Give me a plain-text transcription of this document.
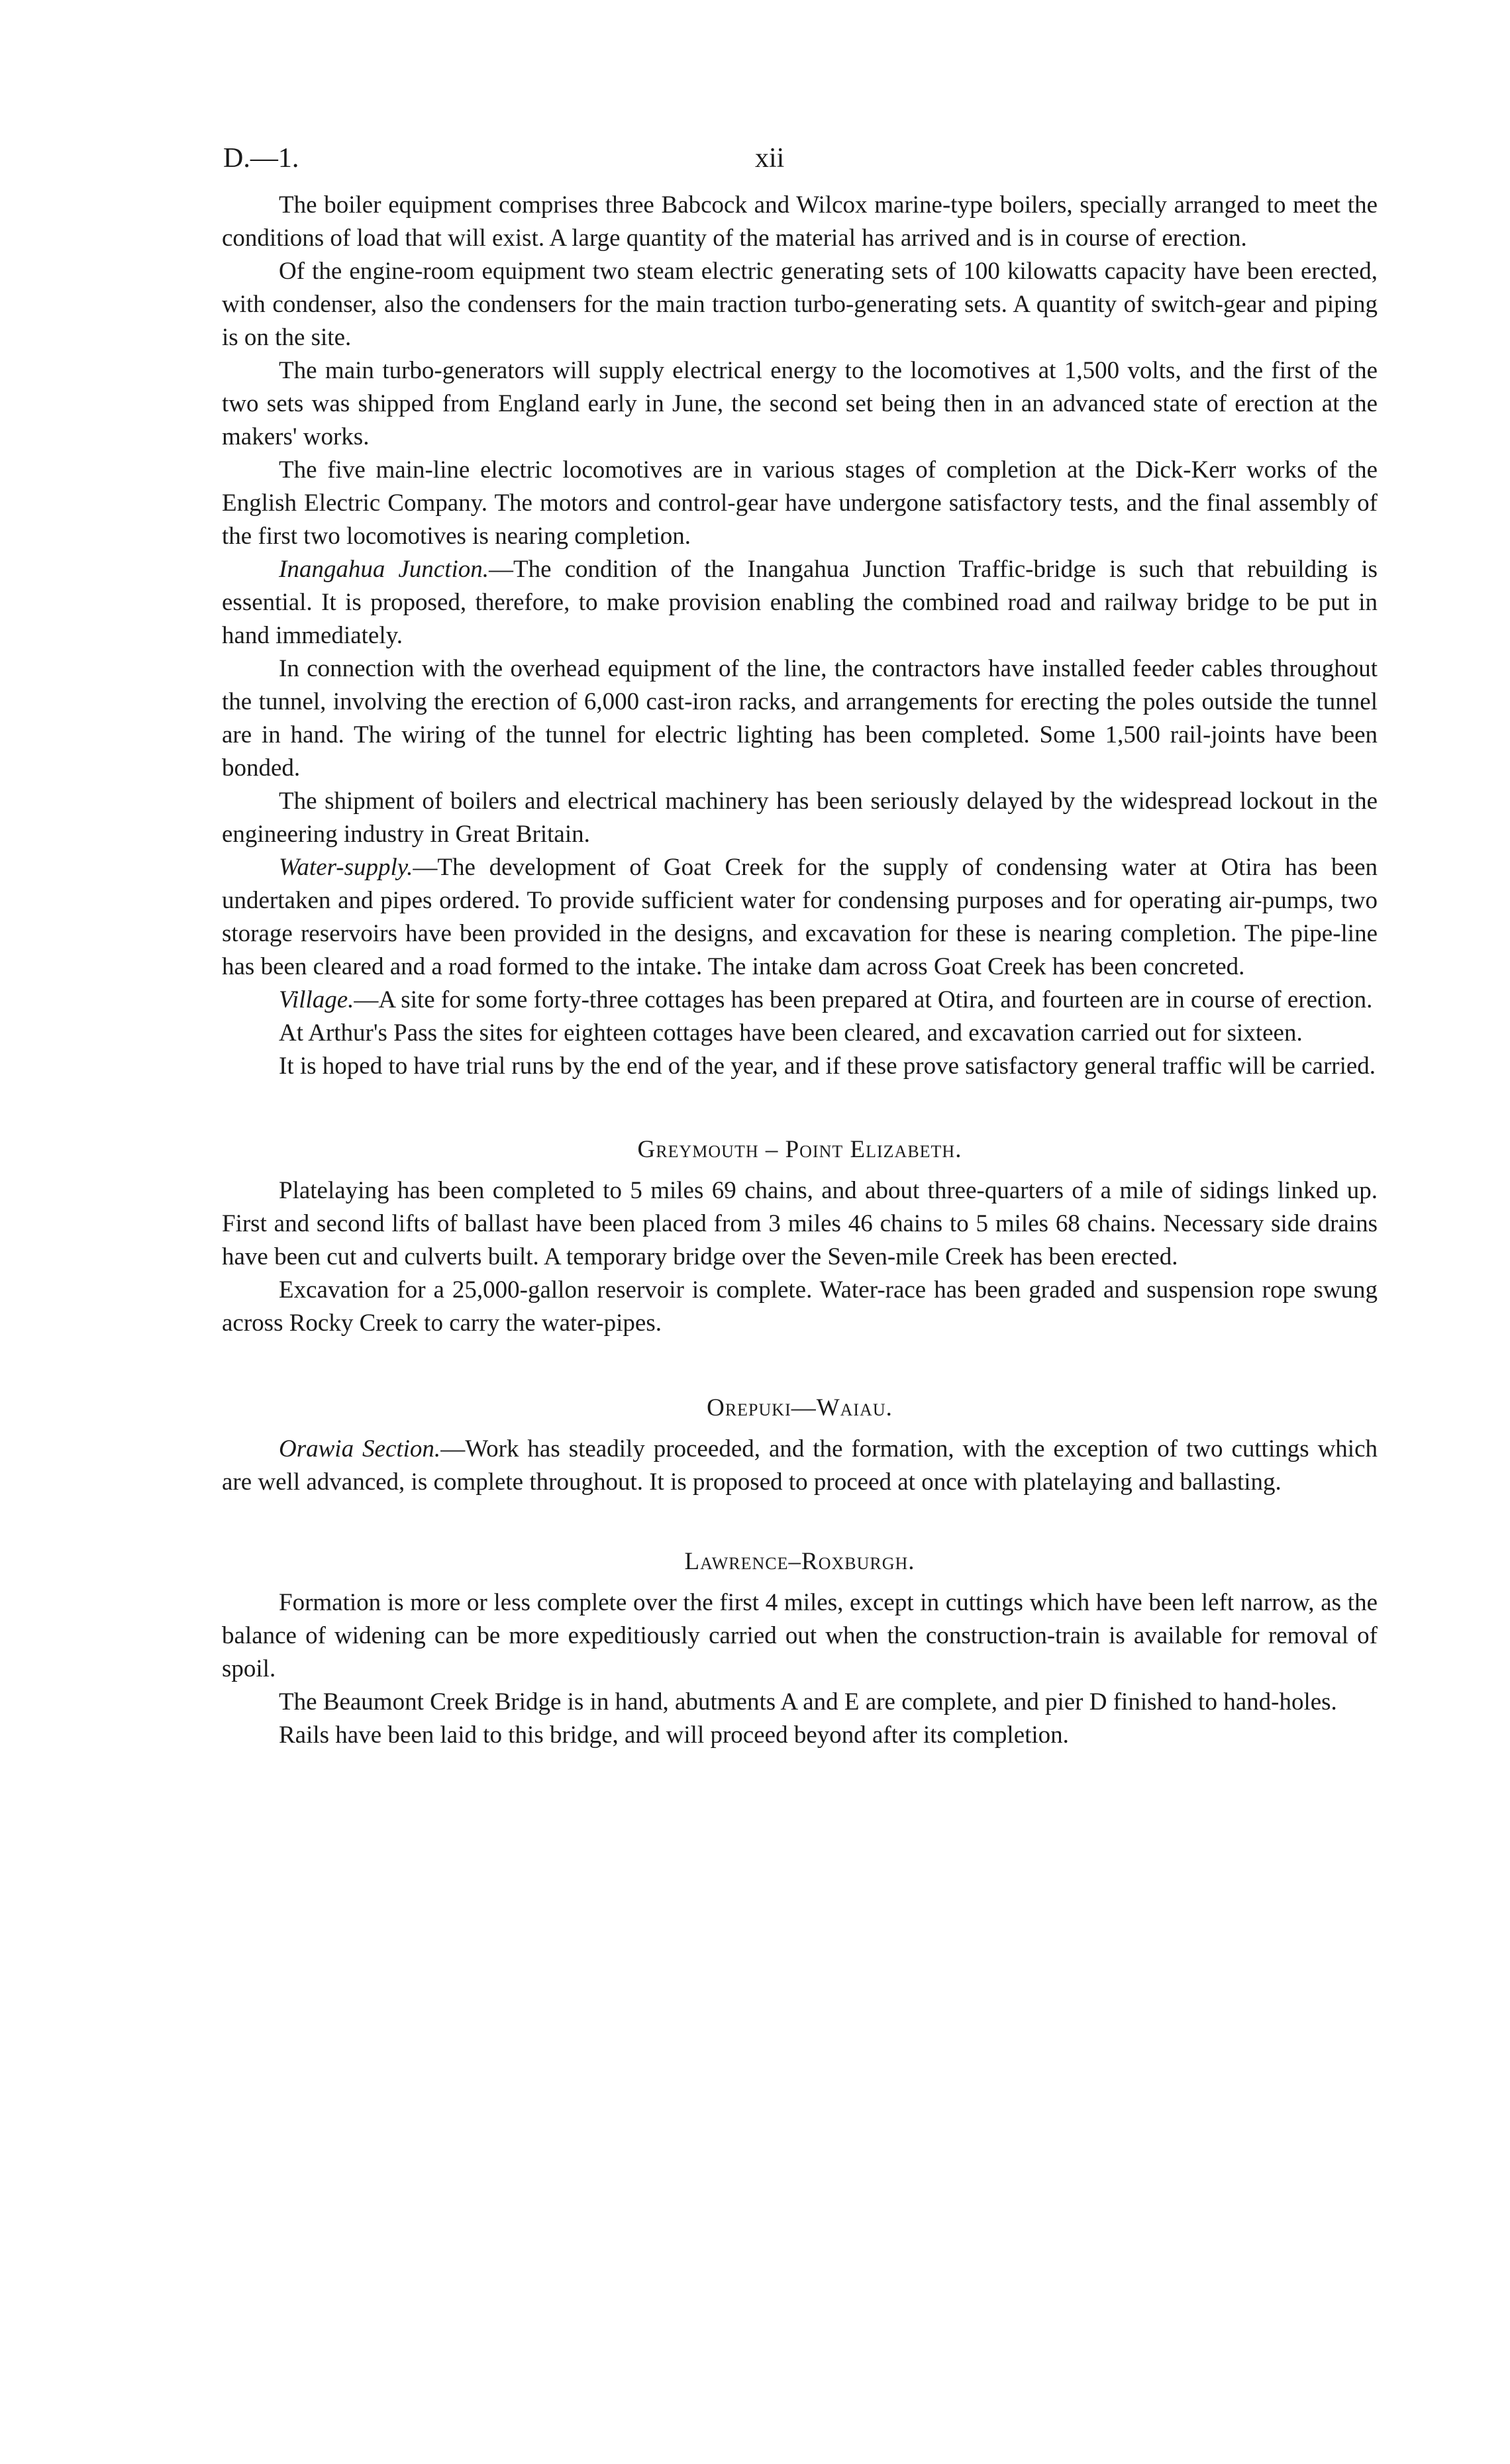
D.—1.	xii

The boiler equipment comprises three Babcock and Wilcox marine-type boilers, specially arranged to meet the conditions of load that will exist. A large quantity of the material has arrived and is in course of erection.

Of the engine-room equipment two steam electric generating sets of 100 kilowatts capacity have been erected, with condenser, also the condensers for the main traction turbo-generating sets. A quantity of switch-gear and piping is on the site.

The main turbo-generators will supply electrical energy to the locomotives at 1,500 volts, and the first of the two sets was shipped from England early in June, the second set being then in an advanced state of erection at the makers' works.

The five main-line electric locomotives are in various stages of completion at the Dick-Kerr works of the English Electric Company. The motors and control-gear have undergone satisfactory tests, and the final assembly of the first two locomotives is nearing completion.

Inangahua Junction.—The condition of the Inangahua Junction Traffic-bridge is such that rebuilding is essential. It is proposed, therefore, to make provision enabling the combined road and railway bridge to be put in hand immediately.

In connection with the overhead equipment of the line, the contractors have installed feeder cables throughout the tunnel, involving the erection of 6,000 cast-iron racks, and arrangements for erecting the poles outside the tunnel are in hand. The wiring of the tunnel for electric lighting has been completed. Some 1,500 rail-joints have been bonded.

The shipment of boilers and electrical machinery has been seriously delayed by the widespread lockout in the engineering industry in Great Britain.

Water-supply.—The development of Goat Creek for the supply of condensing water at Otira has been undertaken and pipes ordered. To provide sufficient water for condensing purposes and for operating air-pumps, two storage reservoirs have been provided in the designs, and excavation for these is nearing completion. The pipe-line has been cleared and a road formed to the intake. The intake dam across Goat Creek has been concreted.

Village.—A site for some forty-three cottages has been prepared at Otira, and fourteen are in course of erection.

At Arthur's Pass the sites for eighteen cottages have been cleared, and excavation carried out for sixteen.

It is hoped to have trial runs by the end of the year, and if these prove satisfactory general traffic will be carried.

Greymouth – Point Elizabeth.

Platelaying has been completed to 5 miles 69 chains, and about three-quarters of a mile of sidings linked up. First and second lifts of ballast have been placed from 3 miles 46 chains to 5 miles 68 chains. Necessary side drains have been cut and culverts built. A temporary bridge over the Seven-mile Creek has been erected.

Excavation for a 25,000-gallon reservoir is complete. Water-race has been graded and suspension rope swung across Rocky Creek to carry the water-pipes.

Orepuki—Waiau.

Orawia Section.—Work has steadily proceeded, and the formation, with the exception of two cuttings which are well advanced, is complete throughout. It is proposed to proceed at once with platelaying and ballasting.

Lawrence–Roxburgh.

Formation is more or less complete over the first 4 miles, except in cuttings which have been left narrow, as the balance of widening can be more expeditiously carried out when the construction-train is available for removal of spoil.

The Beaumont Creek Bridge is in hand, abutments A and E are complete, and pier D finished to hand-holes.

Rails have been laid to this bridge, and will proceed beyond after its completion.
